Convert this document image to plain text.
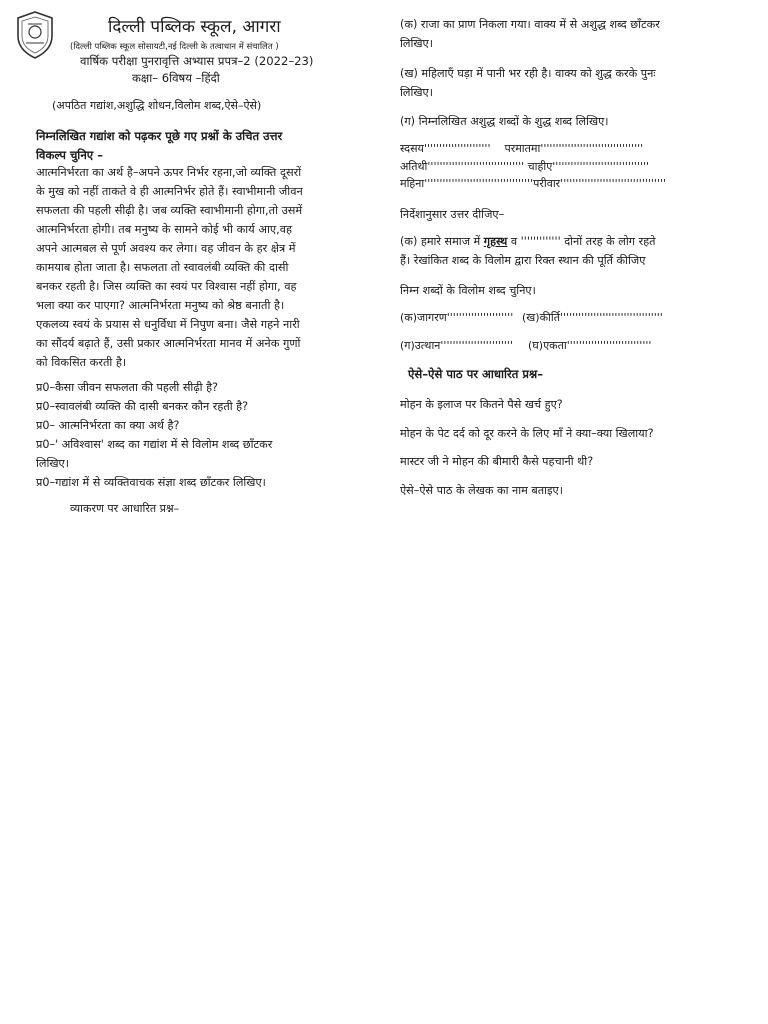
दिल्ली पब्लिक स्कूल, आगरा
(दिल्ली पब्लिक स्कूल सोसायटी,नई दिल्ली के तत्वाधान में संचालित )
वार्षिक परीक्षा पुनरावृत्ति अभ्यास प्रपत्र–2 (2022–23)
कक्षा– 6विषय –हिंदी
(अपठित गद्यांश,अशुद्धि शोधन,विलोम शब्द,ऐसे–ऐसे)
निम्नलिखित गद्यांश को पढ़कर पूछे गए प्रश्नों के उचित उत्तर
विकल्प चुनिए –
आत्मनिर्भरता का अर्थ है–अपने ऊपर निर्भर रहना,जो व्यक्ति दूसरों
के मुख को नहीं ताकते वे ही आत्मनिर्भर होते हैं। स्वाभीमानी जीवन
सफलता की पहली सीढ़ी है। जब व्यक्ति स्वाभीमानी होगा,तो उसमें
आत्मनिर्भरता होगी। तब मनुष्य के सामने कोई भी कार्य आए,वह
अपने आत्मबल से पूर्ण अवश्य कर लेगा। वह जीवन के हर क्षेत्र में
कामयाब होता जाता है। सफलता तो स्वावलंबी व्यक्ति की दासी
बनकर रहती है। जिस व्यक्ति का स्वयं पर विश्वास नहीं होगा, वह
भला क्या कर पाएगा? आत्मनिर्भरता मनुष्य को श्रेष्ठ बनाती है।
एकलव्य स्वयं के प्रयास से धनुर्विधा में निपुण बना। जैसे गहने नारी
का सौंदर्य बढ़ाते हैं, उसी प्रकार आत्मनिर्भरता मानव में अनेक गुणों
को विकसित करती है।
प्र0–कैसा जीवन सफलता की पहली सीढ़ी है?
प्र0–स्वावलंबी व्यक्ति की दासी बनकर कौन रहती है?
प्र0– आत्मनिर्भरता का क्या अर्थ है?
प्र0–' अविश्वास' शब्द का गद्यांश में से विलोम शब्द छाँटकर
लिखिए।
प्र0–गद्यांश में से व्यक्तिवाचक संज्ञा शब्द छाँटकर लिखिए।
व्याकरण पर आधारित प्रश्न–
(क) राजा का प्राण निकला गया। वाक्य में से अशुद्ध शब्द छाँटकर
लिखिए।
(ख) महिलाएँ घड़ा में पानी भर रही है। वाक्य को शुद्ध करके पुनः
लिखिए।
(ग) निम्नलिखित अशुद्ध शब्दों के शुद्ध शब्द लिखिए।
स्दसय'''''''''''''''''''''' परमातमा''''''''''''''''''''''''''''''''''
अतिथी'''''''''''''''''''''''''''''''' चाहीए''''''''''''''''''''''''''''''''
महिना''''''''''''''''''''''''''''''''''''परीवार'''''''''''''''''''''''''''''''''''
निर्देशानुसार उत्तर दीजिए–
(क) हमारे समाज में गृहस्थ व ''''''''''''' दोनों तरह के लोग रहते
हैं। रेखांकित शब्द के विलोम द्वारा रिक्त स्थान की पूर्ति कीजिए
निम्न शब्दों के विलोम शब्द चुनिए।
(क)जागरण'''''''''''''''''''''' (ख)कीर्ति''''''''''''''''''''''''''''''''''
(ग)उत्थान'''''''''''''''''''''''' (घ)एकता''''''''''''''''''''''''''''
ऐसे–ऐसे पाठ पर आधारित प्रश्न–
मोहन के इलाज पर कितने पैसे खर्च हुए?
मोहन के पेट दर्द को दूर करने के लिए माँ ने क्या–क्या खिलाया?
मास्टर जी ने मोहन की बीमारी कैसे पहचानी थी?
ऐसे–ऐसे पाठ के लेखक का नाम बताइए।
